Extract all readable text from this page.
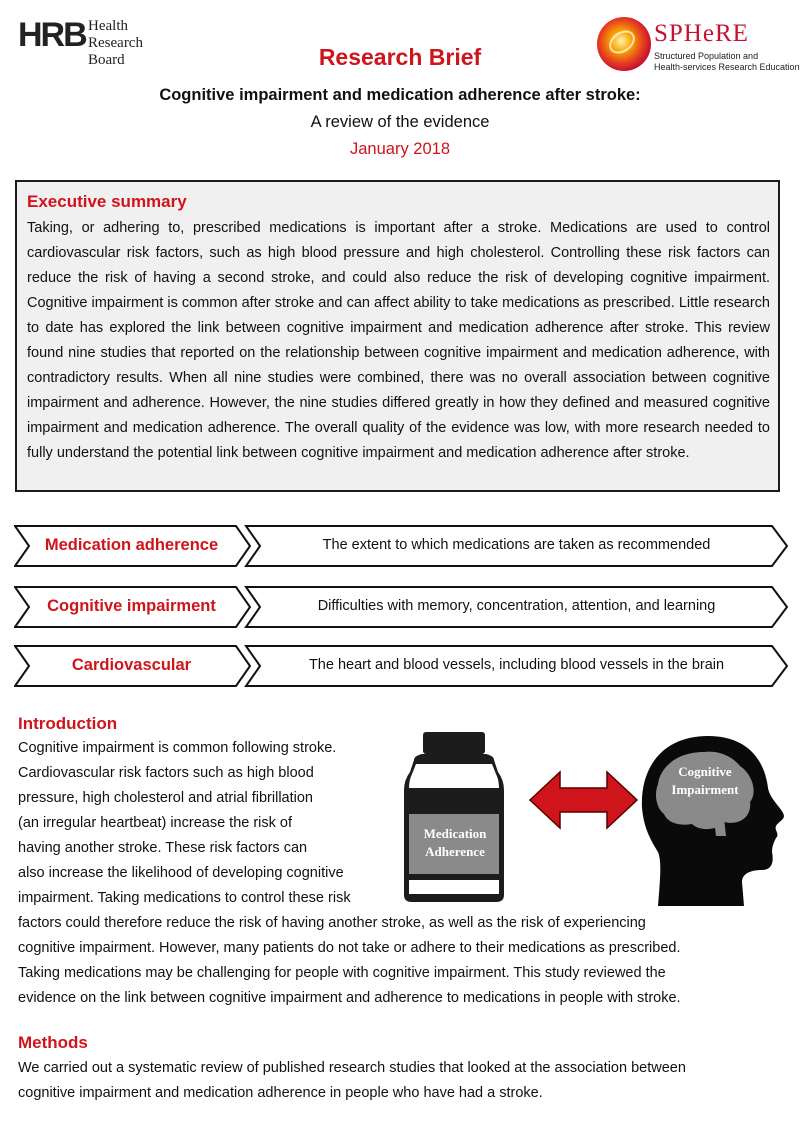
HRB Health
Research
Board
SPHeRE
Structured Population and
Health-services Research Education
Research Brief
Cognitive impairment and medication adherence after stroke:
A review of the evidence
January 2018
Executive summary

Taking, or adhering to, prescribed medications is important after a stroke. Medications are used to control cardiovascular risk factors, such as high blood pressure and high cholesterol. Controlling these risk factors can reduce the risk of having a second stroke, and could also reduce the risk of developing cognitive impairment. Cognitive impairment is common after stroke and can affect ability to take medications as prescribed. Little research to date has explored the link between cognitive impairment and medication adherence after stroke. This review found nine studies that reported on the relationship between cognitive impairment and medication adherence, with contradictory results. When all nine studies were combined, there was no overall association between cognitive impairment and adherence. However, the nine studies differed greatly in how they defined and measured cognitive impairment and medication adherence. The overall quality of the evidence was low, with more research needed to fully understand the potential link between cognitive impairment and medication adherence after stroke.

Medication adherence	The extent to which medications are taken as recommended
Cognitive impairment	Difficulties with memory, concentration, attention, and learning
Cardiovascular	The heart and blood vessels, including blood vessels in the brain
Introduction
Cognitive impairment is common following stroke.
Cardiovascular risk factors such as high blood
pressure, high cholesterol and atrial fibrillation
(an irregular heartbeat) increase the risk of
having another stroke. These risk factors can
also increase the likelihood of developing cognitive
impairment. Taking medications to control these risk
factors could therefore reduce the risk of having another stroke, as well as the risk of experiencing
cognitive impairment. However, many patients do not take or adhere to their medications as prescribed.
Taking medications may be challenging for people with cognitive impairment. This study reviewed the
evidence on the link between cognitive impairment and adherence to medications in people with stroke.
Medication
Adherence
Cognitive
Impairment
Methods
We carried out a systematic review of published research studies that looked at the association between
cognitive impairment and medication adherence in people who have had a stroke.
